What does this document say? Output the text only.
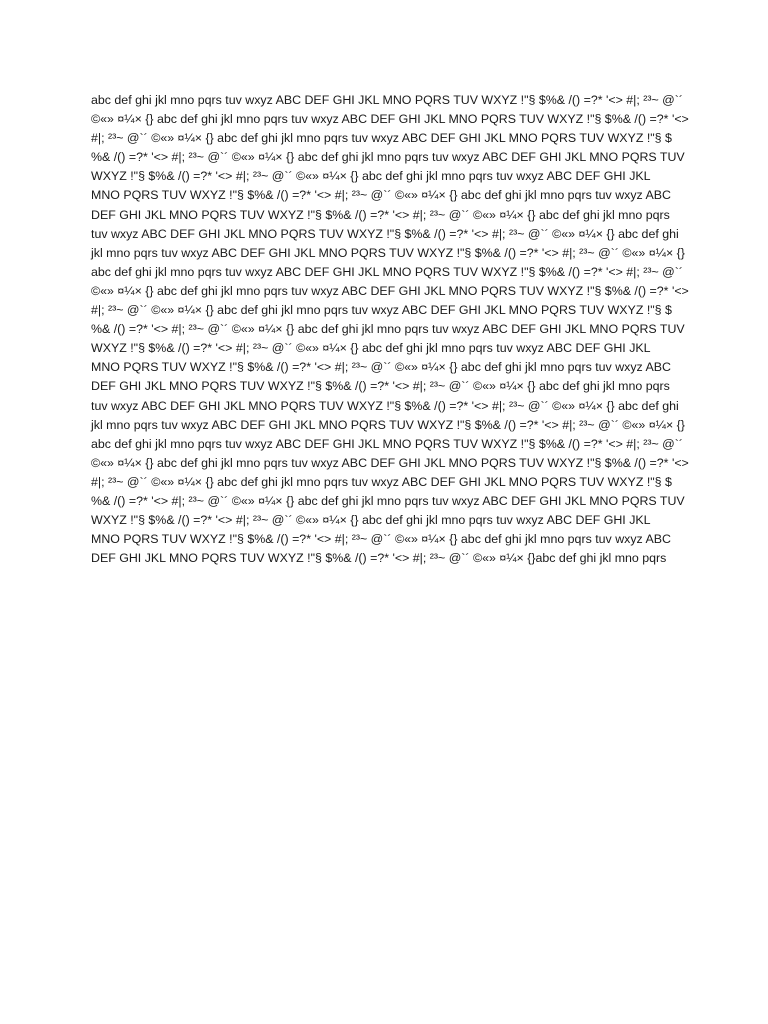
abc def ghi jkl mno pqrs tuv wxyz ABC DEF GHI JKL MNO PQRS TUV WXYZ !"§ $%& /() =?* '<> #|; ²³~ @`´
©«» ¤¼× {} abc def ghi jkl mno pqrs tuv wxyz ABC DEF GHI JKL MNO PQRS TUV WXYZ !"§ $%& /() =?* '<>
#|; ²³~ @`´ ©«» ¤¼× {} abc def ghi jkl mno pqrs tuv wxyz ABC DEF GHI JKL MNO PQRS TUV WXYZ !"§ $
%& /() =?* '<> #|; ²³~ @`´ ©«» ¤¼× {} abc def ghi jkl mno pqrs tuv wxyz ABC DEF GHI JKL MNO PQRS TUV
WXYZ !"§ $%& /() =?* '<> #|; ²³~ @`´ ©«» ¤¼× {} abc def ghi jkl mno pqrs tuv wxyz ABC DEF GHI JKL
MNO PQRS TUV WXYZ !"§ $%& /() =?* '<> #|; ²³~ @`´ ©«» ¤¼× {} abc def ghi jkl mno pqrs tuv wxyz ABC
DEF GHI JKL MNO PQRS TUV WXYZ !"§ $%& /() =?* '<> #|; ²³~ @`´ ©«» ¤¼× {} abc def ghi jkl mno pqrs
tuv wxyz ABC DEF GHI JKL MNO PQRS TUV WXYZ !"§ $%& /() =?* '<> #|; ²³~ @`´ ©«» ¤¼× {} abc def ghi
jkl mno pqrs tuv wxyz ABC DEF GHI JKL MNO PQRS TUV WXYZ !"§ $%& /() =?* '<> #|; ²³~ @`´ ©«» ¤¼× {}
abc def ghi jkl mno pqrs tuv wxyz ABC DEF GHI JKL MNO PQRS TUV WXYZ !"§ $%& /() =?* '<> #|; ²³~ @`´
©«» ¤¼× {} abc def ghi jkl mno pqrs tuv wxyz ABC DEF GHI JKL MNO PQRS TUV WXYZ !"§ $%& /() =?* '<>
#|; ²³~ @`´ ©«» ¤¼× {} abc def ghi jkl mno pqrs tuv wxyz ABC DEF GHI JKL MNO PQRS TUV WXYZ !"§ $
%& /() =?* '<> #|; ²³~ @`´ ©«» ¤¼× {} abc def ghi jkl mno pqrs tuv wxyz ABC DEF GHI JKL MNO PQRS TUV
WXYZ !"§ $%& /() =?* '<> #|; ²³~ @`´ ©«» ¤¼× {} abc def ghi jkl mno pqrs tuv wxyz ABC DEF GHI JKL
MNO PQRS TUV WXYZ !"§ $%& /() =?* '<> #|; ²³~ @`´ ©«» ¤¼× {} abc def ghi jkl mno pqrs tuv wxyz ABC
DEF GHI JKL MNO PQRS TUV WXYZ !"§ $%& /() =?* '<> #|; ²³~ @`´ ©«» ¤¼× {} abc def ghi jkl mno pqrs
tuv wxyz ABC DEF GHI JKL MNO PQRS TUV WXYZ !"§ $%& /() =?* '<> #|; ²³~ @`´ ©«» ¤¼× {} abc def ghi
jkl mno pqrs tuv wxyz ABC DEF GHI JKL MNO PQRS TUV WXYZ !"§ $%& /() =?* '<> #|; ²³~ @`´ ©«» ¤¼× {}
abc def ghi jkl mno pqrs tuv wxyz ABC DEF GHI JKL MNO PQRS TUV WXYZ !"§ $%& /() =?* '<> #|; ²³~ @`´
©«» ¤¼× {} abc def ghi jkl mno pqrs tuv wxyz ABC DEF GHI JKL MNO PQRS TUV WXYZ !"§ $%& /() =?* '<>
#|; ²³~ @`´ ©«» ¤¼× {} abc def ghi jkl mno pqrs tuv wxyz ABC DEF GHI JKL MNO PQRS TUV WXYZ !"§ $
%& /() =?* '<> #|; ²³~ @`´ ©«» ¤¼× {} abc def ghi jkl mno pqrs tuv wxyz ABC DEF GHI JKL MNO PQRS TUV
WXYZ !"§ $%& /() =?* '<> #|; ²³~ @`´ ©«» ¤¼× {} abc def ghi jkl mno pqrs tuv wxyz ABC DEF GHI JKL
MNO PQRS TUV WXYZ !"§ $%& /() =?* '<> #|; ²³~ @`´ ©«» ¤¼× {} abc def ghi jkl mno pqrs tuv wxyz ABC
DEF GHI JKL MNO PQRS TUV WXYZ !"§ $%& /() =?* '<> #|; ²³~ @`´ ©«» ¤¼× {}abc def ghi jkl mno pqrs
